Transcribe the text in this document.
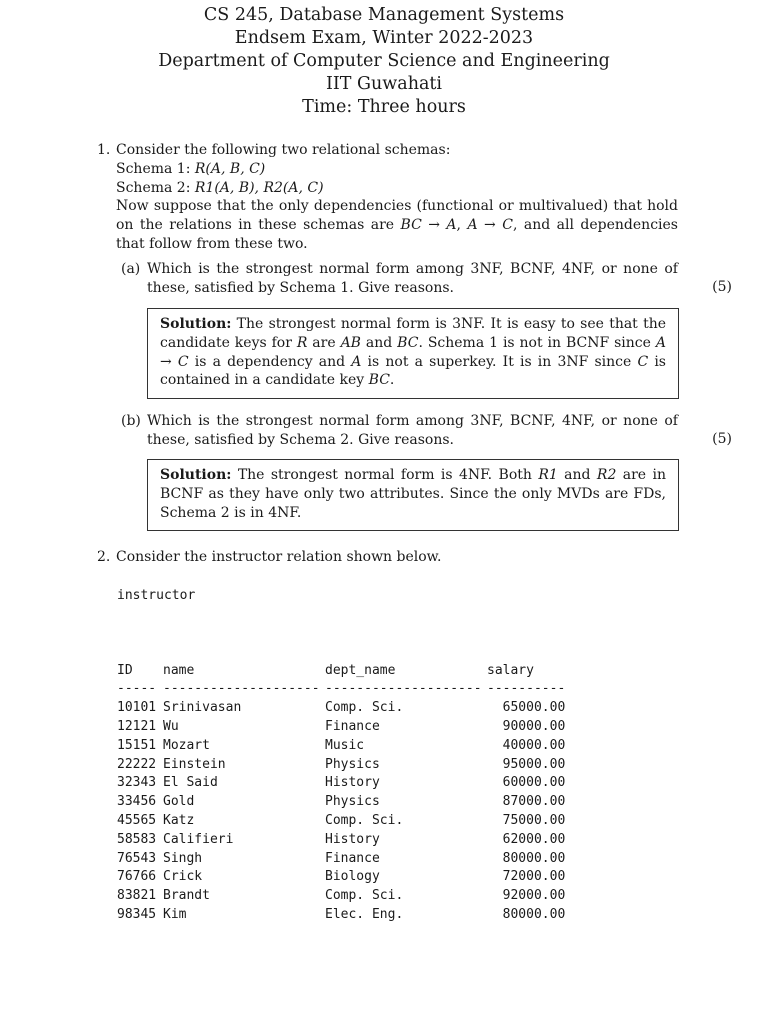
CS 245, Database Management Systems
Endsem Exam, Winter 2022-2023
Department of Computer Science and Engineering
IIT Guwahati
Time: Three hours
1. Consider the following two relational schemas:
Schema 1: R(A, B, C)
Schema 2: R1(A, B), R2(A, C)
Now suppose that the only dependencies (functional or multivalued) that hold on the relations in these schemas are BC → A, A → C, and all dependencies that follow from these two.
(a) Which is the strongest normal form among 3NF, BCNF, 4NF, or none of these, satisfied by Schema 1. Give reasons.	(5)
Solution: The strongest normal form is 3NF. It is easy to see that the candidate keys for R are AB and BC. Schema 1 is not in BCNF since A → C is a dependency and A is not a superkey. It is in 3NF since C is contained in a candidate key BC.
(b) Which is the strongest normal form among 3NF, BCNF, 4NF, or none of these, satisfied by Schema 2. Give reasons.	(5)
Solution: The strongest normal form is 4NF. Both R1 and R2 are in BCNF as they have only two attributes. Since the only MVDs are FDs, Schema 2 is in 4NF.
2. Consider the instructor relation shown below.
instructor

ID	name	dept_name	salary
-----	--------------------	--------------------	----------
10101	Srinivasan	Comp. Sci.	65000.00
12121	Wu	Finance	90000.00
15151	Mozart	Music	40000.00
22222	Einstein	Physics	95000.00
32343	El Said	History	60000.00
33456	Gold	Physics	87000.00
45565	Katz	Comp. Sci.	75000.00
58583	Califieri	History	62000.00
76543	Singh	Finance	80000.00
76766	Crick	Biology	72000.00
83821	Brandt	Comp. Sci.	92000.00
98345	Kim	Elec. Eng.	80000.00
